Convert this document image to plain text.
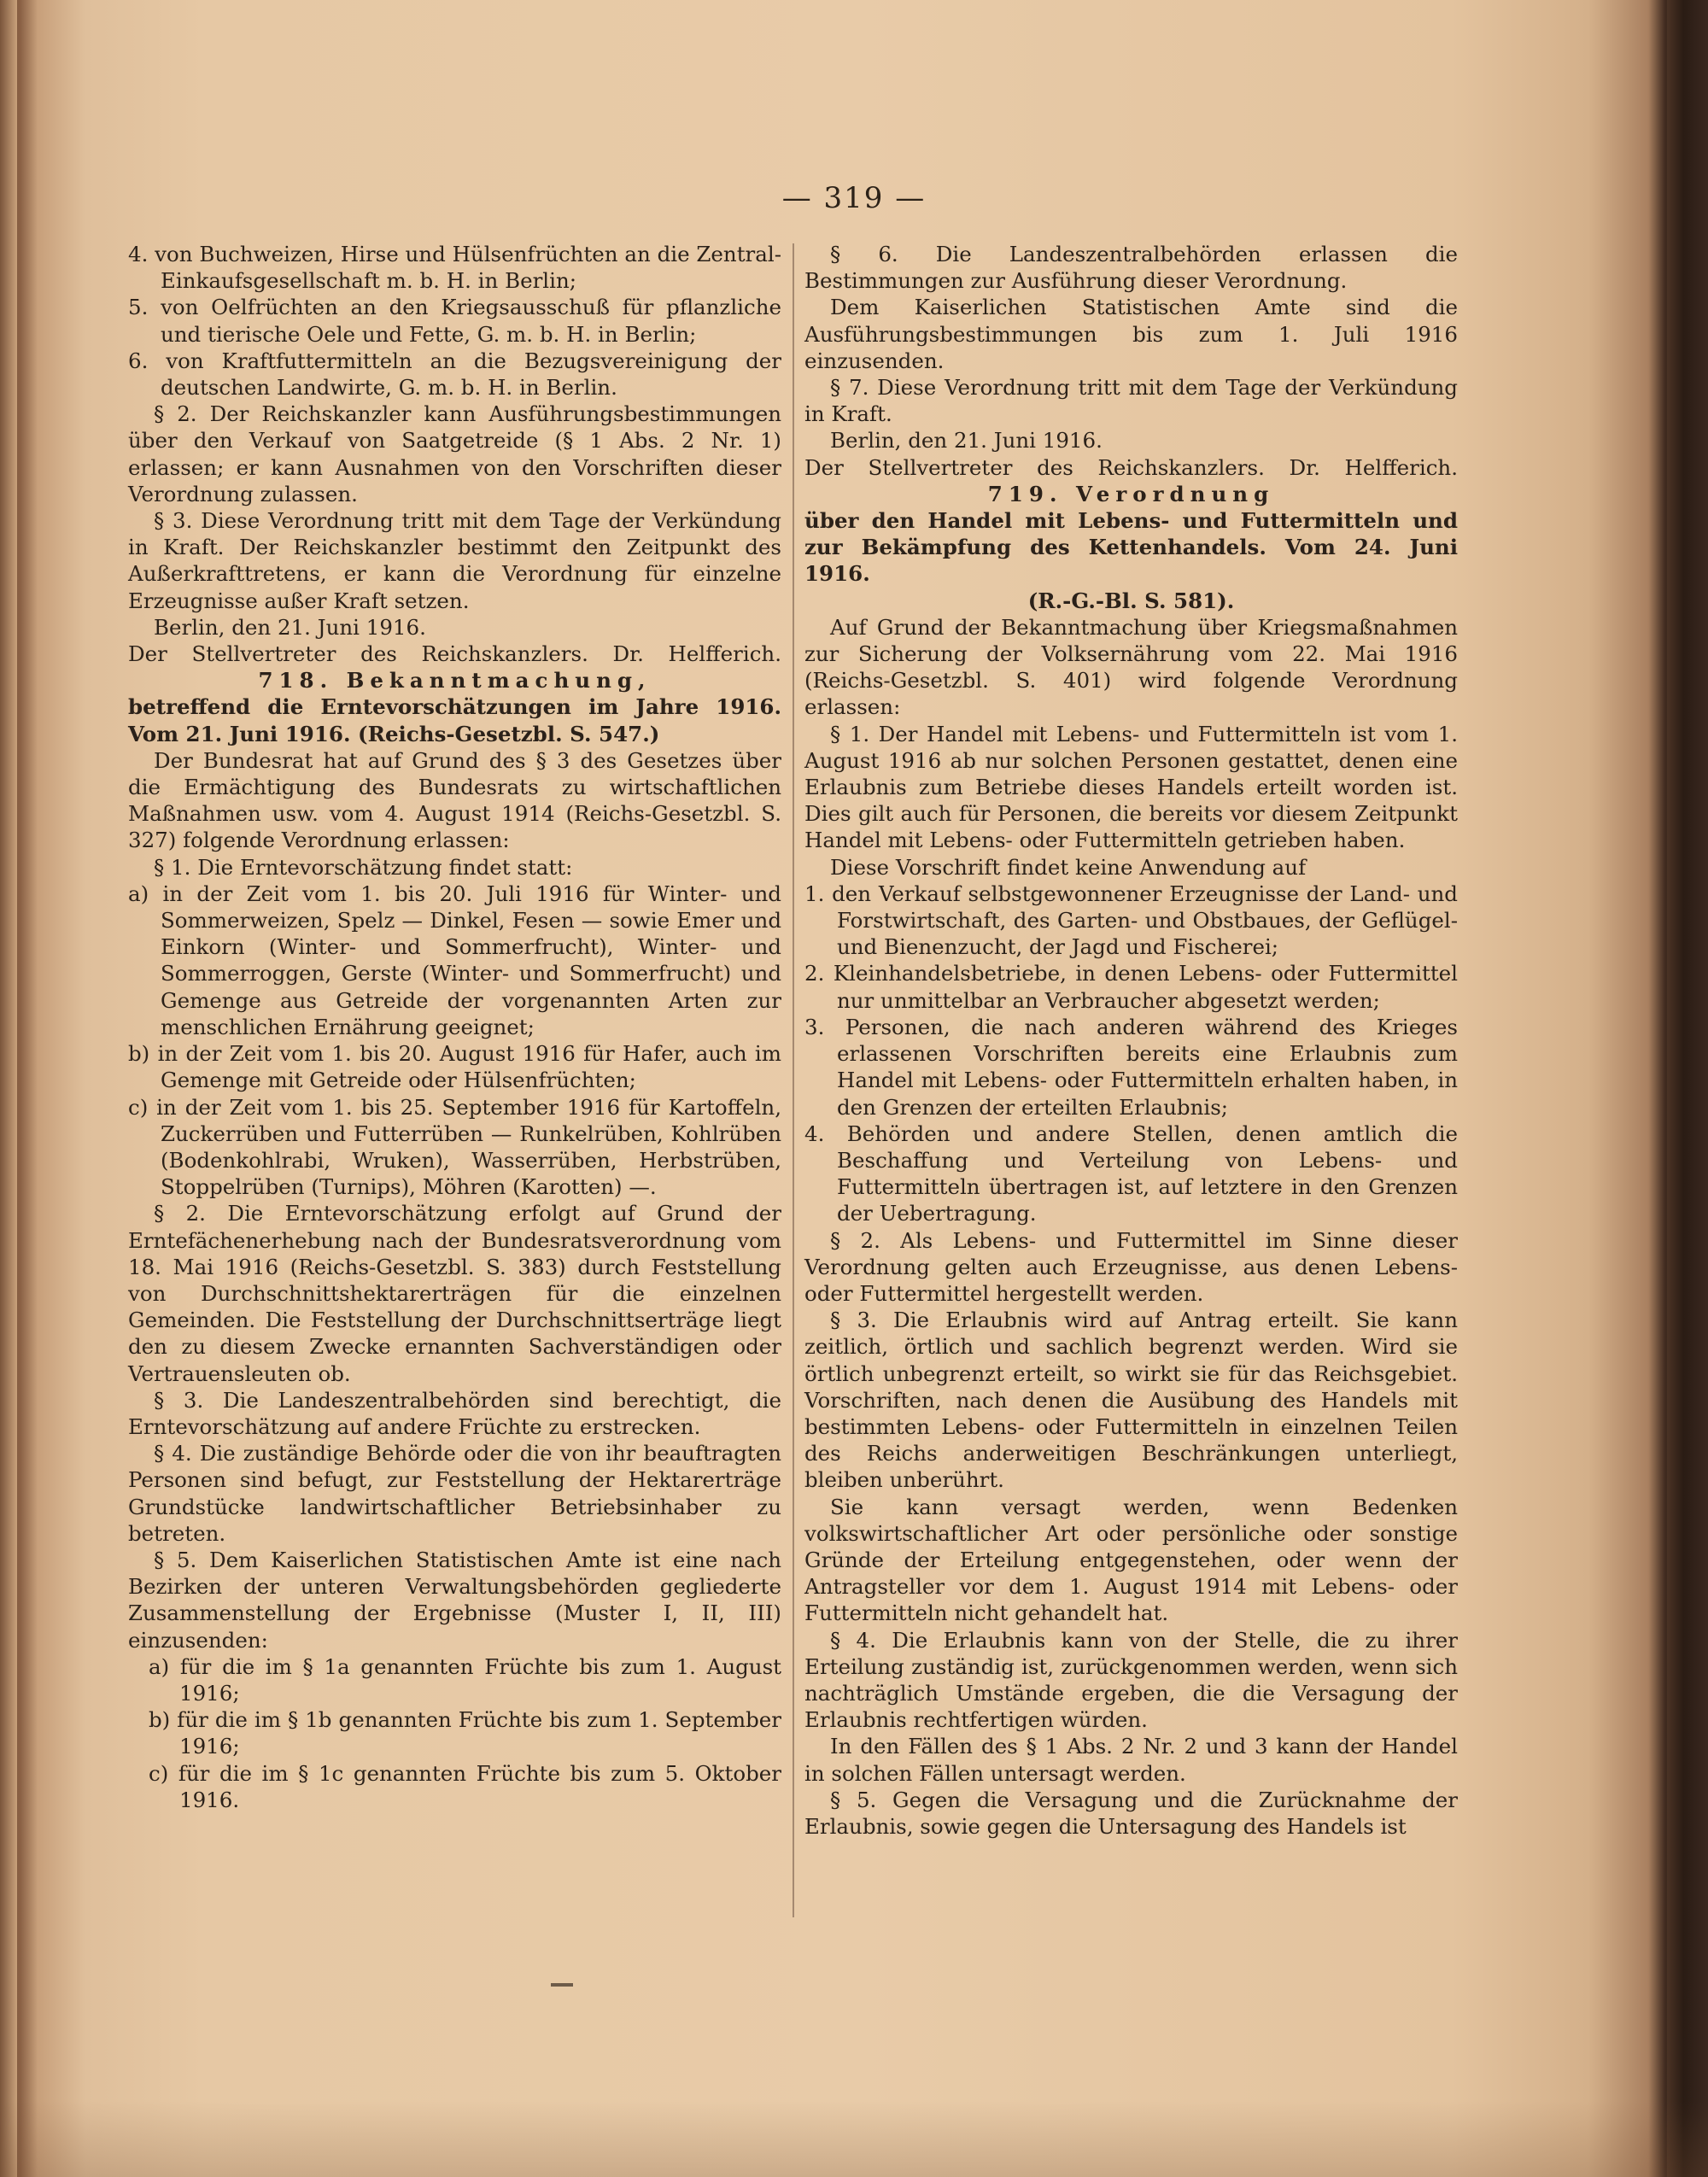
— 319 —

4. von Buchweizen, Hirse und Hülsenfrüchten an die Zentral-Einkaufsgesellschaft m. b. H. in Berlin;

5. von Oelfrüchten an den Kriegsausschuß für pflanzliche und tierische Oele und Fette, G. m. b. H. in Berlin;

6. von Kraftfuttermitteln an die Bezugsvereinigung der deutschen Landwirte, G. m. b. H. in Berlin.

§ 2. Der Reichskanzler kann Ausführungsbestimmungen über den Verkauf von Saatgetreide (§ 1 Abs. 2 Nr. 1) erlassen; er kann Ausnahmen von den Vorschriften dieser Verordnung zulassen.

§ 3. Diese Verordnung tritt mit dem Tage der Verkündung in Kraft. Der Reichskanzler bestimmt den Zeitpunkt des Außerkrafttretens, er kann die Verordnung für einzelne Erzeugnisse außer Kraft setzen.

Berlin, den 21. Juni 1916.

Der Stellvertreter des Reichskanzlers. Dr. Helfferich.

718. Bekanntmachung,

betreffend die Erntevorschätzungen im Jahre 1916. Vom 21. Juni 1916. (Reichs-Gesetzbl. S. 547.)

Der Bundesrat hat auf Grund des § 3 des Gesetzes über die Ermächtigung des Bundesrats zu wirtschaftlichen Maßnahmen usw. vom 4. August 1914 (Reichs-Gesetzbl. S. 327) folgende Verordnung erlassen:

§ 1. Die Erntevorschätzung findet statt:

a) in der Zeit vom 1. bis 20. Juli 1916 für Winter- und Sommerweizen, Spelz — Dinkel, Fesen — sowie Emer und Einkorn (Winter- und Sommerfrucht), Winter- und Sommerroggen, Gerste (Winter- und Sommerfrucht) und Gemenge aus Getreide der vorgenannten Arten zur menschlichen Ernährung geeignet;

b) in der Zeit vom 1. bis 20. August 1916 für Hafer, auch im Gemenge mit Getreide oder Hülsenfrüchten;

c) in der Zeit vom 1. bis 25. September 1916 für Kartoffeln, Zuckerrüben und Futterrüben — Runkelrüben, Kohlrüben (Bodenkohlrabi, Wruken), Wasserrüben, Herbstrüben, Stoppelrüben (Turnips), Möhren (Karotten) —.

§ 2. Die Erntevorschätzung erfolgt auf Grund der Erntefächenerhebung nach der Bundesratsverordnung vom 18. Mai 1916 (Reichs-Gesetzbl. S. 383) durch Feststellung von Durchschnittshektarerträgen für die einzelnen Gemeinden. Die Feststellung der Durchschnittserträge liegt den zu diesem Zwecke ernannten Sachverständigen oder Vertrauensleuten ob.

§ 3. Die Landeszentralbehörden sind berechtigt, die Erntevorschätzung auf andere Früchte zu erstrecken.

§ 4. Die zuständige Behörde oder die von ihr beauftragten Personen sind befugt, zur Feststellung der Hektarerträge Grundstücke landwirtschaftlicher Betriebsinhaber zu betreten.

§ 5. Dem Kaiserlichen Statistischen Amte ist eine nach Bezirken der unteren Verwaltungsbehörden gegliederte Zusammenstellung der Ergebnisse (Muster I, II, III) einzusenden:

a) für die im § 1a genannten Früchte bis zum 1. August 1916;

b) für die im § 1b genannten Früchte bis zum 1. September 1916;

c) für die im § 1c genannten Früchte bis zum 5. Oktober 1916.

§ 6. Die Landeszentralbehörden erlassen die Bestimmungen zur Ausführung dieser Verordnung.

Dem Kaiserlichen Statistischen Amte sind die Ausführungsbestimmungen bis zum 1. Juli 1916 einzusenden.

§ 7. Diese Verordnung tritt mit dem Tage der Verkündung in Kraft.

Berlin, den 21. Juni 1916.

Der Stellvertreter des Reichskanzlers. Dr. Helfferich.

719. Verordnung

über den Handel mit Lebens- und Futtermitteln und zur Bekämpfung des Kettenhandels. Vom 24. Juni 1916.

(R.-G.-Bl. S. 581).

Auf Grund der Bekanntmachung über Kriegsmaßnahmen zur Sicherung der Volksernährung vom 22. Mai 1916 (Reichs-Gesetzbl. S. 401) wird folgende Verordnung erlassen:

§ 1. Der Handel mit Lebens- und Futtermitteln ist vom 1. August 1916 ab nur solchen Personen gestattet, denen eine Erlaubnis zum Betriebe dieses Handels erteilt worden ist. Dies gilt auch für Personen, die bereits vor diesem Zeitpunkt Handel mit Lebens- oder Futtermitteln getrieben haben.

Diese Vorschrift findet keine Anwendung auf

1. den Verkauf selbstgewonnener Erzeugnisse der Land- und Forstwirtschaft, des Garten- und Obstbaues, der Geflügel- und Bienenzucht, der Jagd und Fischerei;

2. Kleinhandelsbetriebe, in denen Lebens- oder Futtermittel nur unmittelbar an Verbraucher abgesetzt werden;

3. Personen, die nach anderen während des Krieges erlassenen Vorschriften bereits eine Erlaubnis zum Handel mit Lebens- oder Futtermitteln erhalten haben, in den Grenzen der erteilten Erlaubnis;

4. Behörden und andere Stellen, denen amtlich die Beschaffung und Verteilung von Lebens- und Futtermitteln übertragen ist, auf letztere in den Grenzen der Uebertragung.

§ 2. Als Lebens- und Futtermittel im Sinne dieser Verordnung gelten auch Erzeugnisse, aus denen Lebens- oder Futtermittel hergestellt werden.

§ 3. Die Erlaubnis wird auf Antrag erteilt. Sie kann zeitlich, örtlich und sachlich begrenzt werden. Wird sie örtlich unbegrenzt erteilt, so wirkt sie für das Reichsgebiet. Vorschriften, nach denen die Ausübung des Handels mit bestimmten Lebens- oder Futtermitteln in einzelnen Teilen des Reichs anderweitigen Beschränkungen unterliegt, bleiben unberührt.

Sie kann versagt werden, wenn Bedenken volkswirtschaftlicher Art oder persönliche oder sonstige Gründe der Erteilung entgegenstehen, oder wenn der Antragsteller vor dem 1. August 1914 mit Lebens- oder Futtermitteln nicht gehandelt hat.

§ 4. Die Erlaubnis kann von der Stelle, die zu ihrer Erteilung zuständig ist, zurückgenommen werden, wenn sich nachträglich Umstände ergeben, die die Versagung der Erlaubnis rechtfertigen würden.

In den Fällen des § 1 Abs. 2 Nr. 2 und 3 kann der Handel in solchen Fällen untersagt werden.

§ 5. Gegen die Versagung und die Zurücknahme der Erlaubnis, sowie gegen die Untersagung des Handels ist
